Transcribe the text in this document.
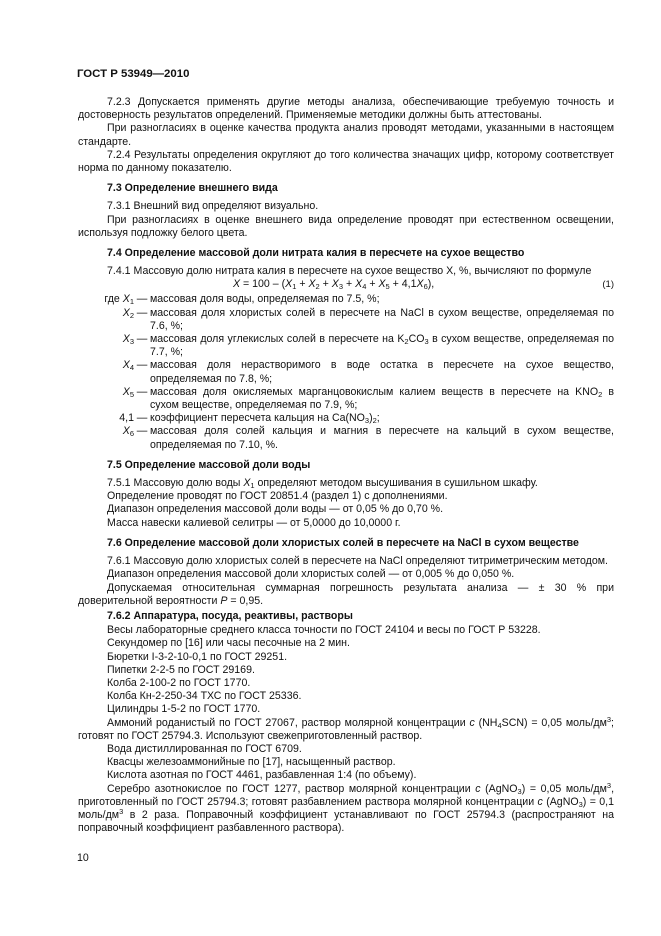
ГОСТ Р 53949—2010

7.2.3 Допускается применять другие методы анализа, обеспечивающие требуемую точность и достоверность результатов определений. Применяемые методики должны быть аттестованы.

При разногласиях в оценке качества продукта анализ проводят методами, указанными в настоящем стандарте.

7.2.4 Результаты определения округляют до того количества значащих цифр, которому соответствует норма по данному показателю.

7.3 Определение внешнего вида

7.3.1 Внешний вид определяют визуально.

При разногласиях в оценке внешнего вида определение проводят при естественном освещении, используя подложку белого цвета.

7.4 Определение массовой доли нитрата калия в пересчете на сухое вещество

7.4.1 Массовую долю нитрата калия в пересчете на сухое вещество X, %, вычисляют по формуле

$X = 100 - (X_1 + X_2 + X_3 + X_4 + X_5 + 4,1X_6)$,	(1)
где $X_1$ — массовая доля воды, определяемая по 7.5, %;
$X_2$ — массовая доля хлористых солей в пересчете на NaCl в сухом веществе, определяемая по 7.6, %;
$X_3$ — массовая доля углекислых солей в пересчете на $K_2CO_3$ в сухом веществе, определяемая по 7.7, %;
$X_4$ — массовая доля нерастворимого в воде остатка в пересчете на сухое вещество, определяемая по 7.8, %;
$X_5$ — массовая доля окисляемых марганцовокислым калием веществ в пересчете на $KNO_2$ в сухом веществе, определяемая по 7.9, %;
4,1 — коэффициент пересчета кальция на $Ca(NO_3)_2$;
$X_6$ — массовая доля солей кальция и магния в пересчете на кальций в сухом веществе, определяемая по 7.10, %.

7.5 Определение массовой доли воды

7.5.1 Массовую долю воды $X_1$ определяют методом высушивания в сушильном шкафу.

Определение проводят по ГОСТ 20851.4 (раздел 1) с дополнениями.

Диапазон определения массовой доли воды — от 0,05 % до 0,70 %.

Масса навески калиевой селитры — от 5,0000 до 10,0000 г.

7.6 Определение массовой доли хлористых солей в пересчете на NaCl в сухом веществе

7.6.1 Массовую долю хлористых солей в пересчете на NaCl определяют титриметрическим методом.

Диапазон определения массовой доли хлористых солей — от 0,005 % до 0,050 %.

Допускаемая относительная суммарная погрешность результата анализа — ± 30 % при доверительной вероятности P = 0,95.

7.6.2 Аппаратура, посуда, реактивы, растворы

Весы лабораторные среднего класса точности по ГОСТ 24104 и весы по ГОСТ Р 53228.

Секундомер по [16] или часы песочные на 2 мин.

Бюретки I-3-2-10-0,1 по ГОСТ 29251.

Пипетки 2-2-5 по ГОСТ 29169.

Колба 2-100-2 по ГОСТ 1770.

Колба Кн-2-250-34 ТХС по ГОСТ 25336.

Цилиндры 1-5-2 по ГОСТ 1770.

Аммоний роданистый по ГОСТ 27067, раствор молярной концентрации c $(NH_4SCN) = 0,05$ моль/$дм^3$; готовят по ГОСТ 25794.3. Используют свежеприготовленный раствор.

Вода дистиллированная по ГОСТ 6709.

Квасцы железоаммонийные по [17], насыщенный раствор.

Кислота азотная по ГОСТ 4461, разбавленная 1:4 (по объему).

Серебро азотнокислое по ГОСТ 1277, раствор молярной концентрации c (AgNO$_3$) = 0,05 моль/$дм^3$, приготовленный по ГОСТ 25794.3; готовят разбавлением раствора молярной концентрации c (AgNO$_3$) = 0,1 моль/$дм^3$ в 2 раза. Поправочный коэффициент устанавливают по ГОСТ 25794.3 (распространяют на поправочный коэффициент разбавленного раствора).

10
